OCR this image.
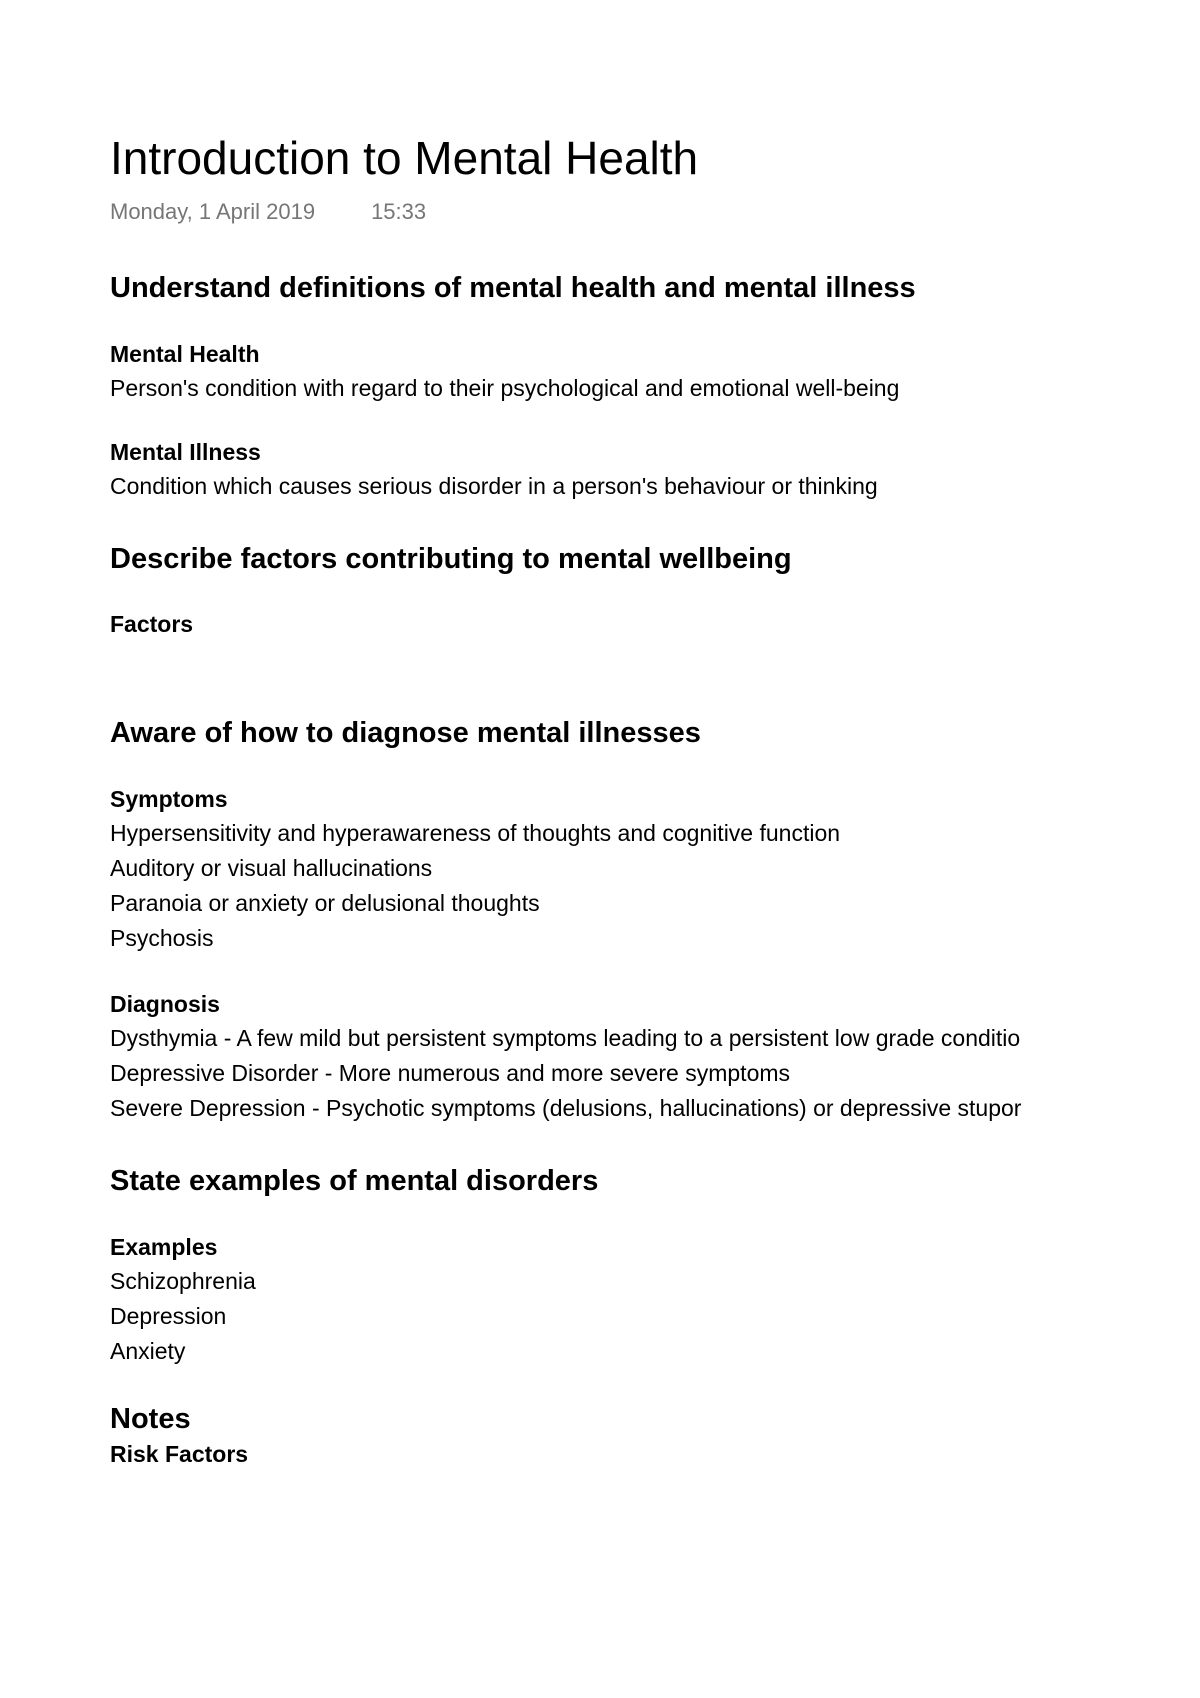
Introduction to Mental Health
Monday, 1 April 2019	15:33
Understand definitions of mental health and mental illness
Mental Health
Person's condition with regard to their psychological and emotional well-being
Mental Illness
Condition which causes serious disorder in a person's behaviour or thinking
Describe factors contributing to mental wellbeing
Factors
Aware of how to diagnose mental illnesses
Symptoms
Hypersensitivity and hyperawareness of thoughts and cognitive function
Auditory or visual hallucinations
Paranoia or anxiety or delusional thoughts
Psychosis
Diagnosis
Dysthymia - A few mild but persistent symptoms leading to a persistent low grade conditio
Depressive Disorder - More numerous and more severe symptoms
Severe Depression - Psychotic symptoms (delusions, hallucinations) or depressive stupor
State examples of mental disorders
Examples
Schizophrenia
Depression
Anxiety
Notes
Risk Factors
